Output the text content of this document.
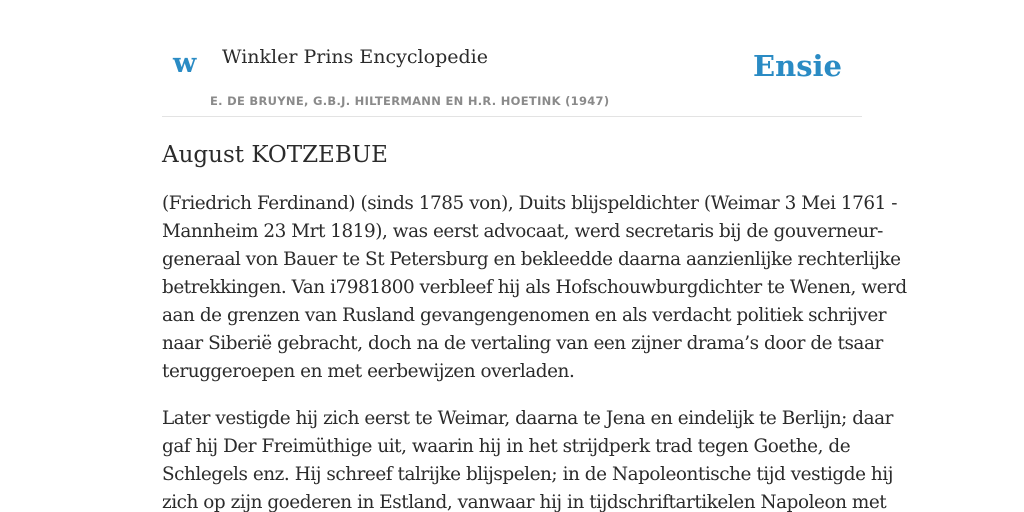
w Winkler Prins Encyclopedie
E. DE BRUYNE, G.B.J. HILTERMANN EN H.R. HOETINK (1947)
Ensie
August KOTZEBUE

(Friedrich Ferdinand) (sinds 1785 von), Duits blijspeldichter (Weimar 3 Mei 1761 -
Mannheim 23 Mrt 1819), was eerst advocaat, werd secretaris bij de gouverneur-
generaal von Bauer te St Petersburg en bekleedde daarna aanzienlijke rechterlijke
betrekkingen. Van i7981800 verbleef hij als Hofschouwburgdichter te Wenen, werd
aan de grenzen van Rusland gevangengenomen en als verdacht politiek schrijver
naar Siberië gebracht, doch na de vertaling van een zijner drama’s door de tsaar
teruggeroepen en met eerbewijzen overladen.

Later vestigde hij zich eerst te Weimar, daarna te Jena en eindelijk te Berlijn; daar
gaf hij Der Freimüthige uit, waarin hij in het strijdperk trad tegen Goethe, de
Schlegels enz. Hij schreef talrijke blijspelen; in de Napoleontische tijd vestigde hij
zich op zijn goederen in Estland, vanwaar hij in tijdschriftartikelen Napoleon met
